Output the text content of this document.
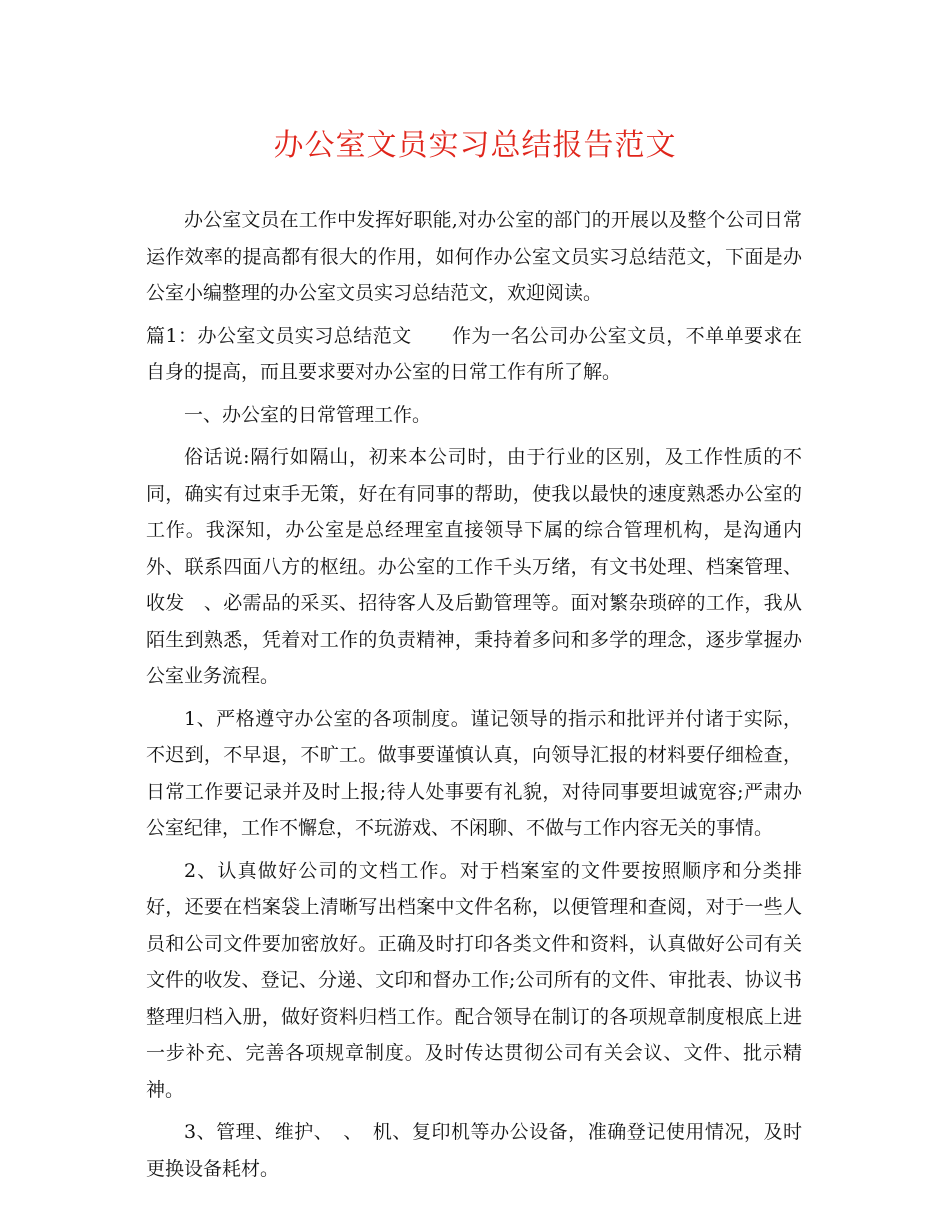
办公室文员实习总结报告范文

办公室文员在工作中发挥好职能,对办公室的部门的开展以及整个公司日常运作效率的提高都有很大的作用，如何作办公室文员实习总结范文，下面是办公室小编整理的办公室文员实习总结范文，欢迎阅读。

篇1：办公室文员实习总结范文 作为一名公司办公室文员，不单单要求在自身的提高，而且要求要对办公室的日常工作有所了解。

一、办公室的日常管理工作。

俗话说:隔行如隔山，初来本公司时，由于行业的区别，及工作性质的不同，确实有过束手无策，好在有同事的帮助，使我以最快的速度熟悉办公室的工作。我深知，办公室是总经理室直接领导下属的综合管理机构，是沟通内外、联系四面八方的枢纽。办公室的工作千头万绪，有文书处理、档案管理、收发　、必需品的采买、招待客人及后勤管理等。面对繁杂琐碎的工作，我从陌生到熟悉，凭着对工作的负责精神，秉持着多问和多学的理念，逐步掌握办公室业务流程。

1、严格遵守办公室的各项制度。谨记领导的指示和批评并付诸于实际，不迟到，不早退，不旷工。做事要谨慎认真，向领导汇报的材料要仔细检查，日常工作要记录并及时上报;待人处事要有礼貌，对待同事要坦诚宽容;严肃办公室纪律，工作不懈怠，不玩游戏、不闲聊、不做与工作内容无关的事情。

2、认真做好公司的文档工作。对于档案室的文件要按照顺序和分类排好，还要在档案袋上清晰写出档案中文件名称，以便管理和查阅，对于一些人员和公司文件要加密放好。正确及时打印各类文件和资料，认真做好公司有关文件的收发、登记、分递、文印和督办工作;公司所有的文件、审批表、协议书整理归档入册，做好资料归档工作。配合领导在制订的各项规章制度根底上进一步补充、完善各项规章制度。及时传达贯彻公司有关会议、文件、批示精神。

3、管理、维护、　、　机、复印机等办公设备，准确登记使用情况，及时更换设备耗材。
